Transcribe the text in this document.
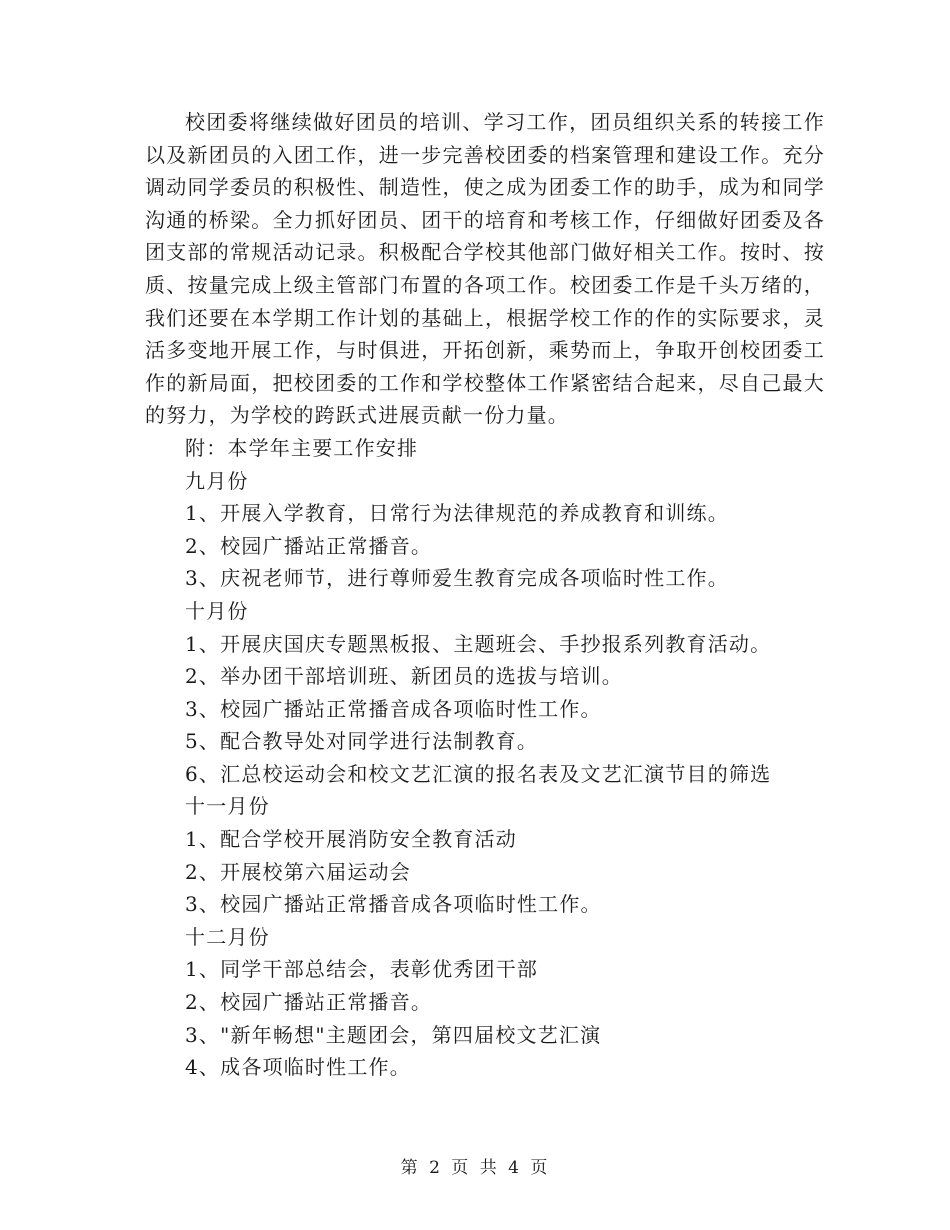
校团委将继续做好团员的培训、学习工作，团员组织关系的转接工作以及新团员的入团工作，进一步完善校团委的档案管理和建设工作。充分调动同学委员的积极性、制造性，使之成为团委工作的助手，成为和同学沟通的桥梁。全力抓好团员、团干的培育和考核工作，仔细做好团委及各团支部的常规活动记录。积极配合学校其他部门做好相关工作。按时、按质、按量完成上级主管部门布置的各项工作。校团委工作是千头万绪的，我们还要在本学期工作计划的基础上，根据学校工作的作的实际要求，灵活多变地开展工作，与时俱进，开拓创新，乘势而上，争取开创校团委工作的新局面，把校团委的工作和学校整体工作紧密结合起来，尽自己最大的努力，为学校的跨跃式进展贡献一份力量。

附：本学年主要工作安排

九月份

1、开展入学教育，日常行为法律规范的养成教育和训练。

2、校园广播站正常播音。

3、庆祝老师节，进行尊师爱生教育完成各项临时性工作。

十月份

1、开展庆国庆专题黑板报、主题班会、手抄报系列教育活动。

2、举办团干部培训班、新团员的选拔与培训。

3、校园广播站正常播音成各项临时性工作。

5、配合教导处对同学进行法制教育。

6、汇总校运动会和校文艺汇演的报名表及文艺汇演节目的筛选

十一月份

1、配合学校开展消防安全教育活动

2、开展校第六届运动会

3、校园广播站正常播音成各项临时性工作。

十二月份

1、同学干部总结会，表彰优秀团干部

2、校园广播站正常播音。

3、"新年畅想"主题团会，第四届校文艺汇演

4、成各项临时性工作。

第 2 页 共 4 页
